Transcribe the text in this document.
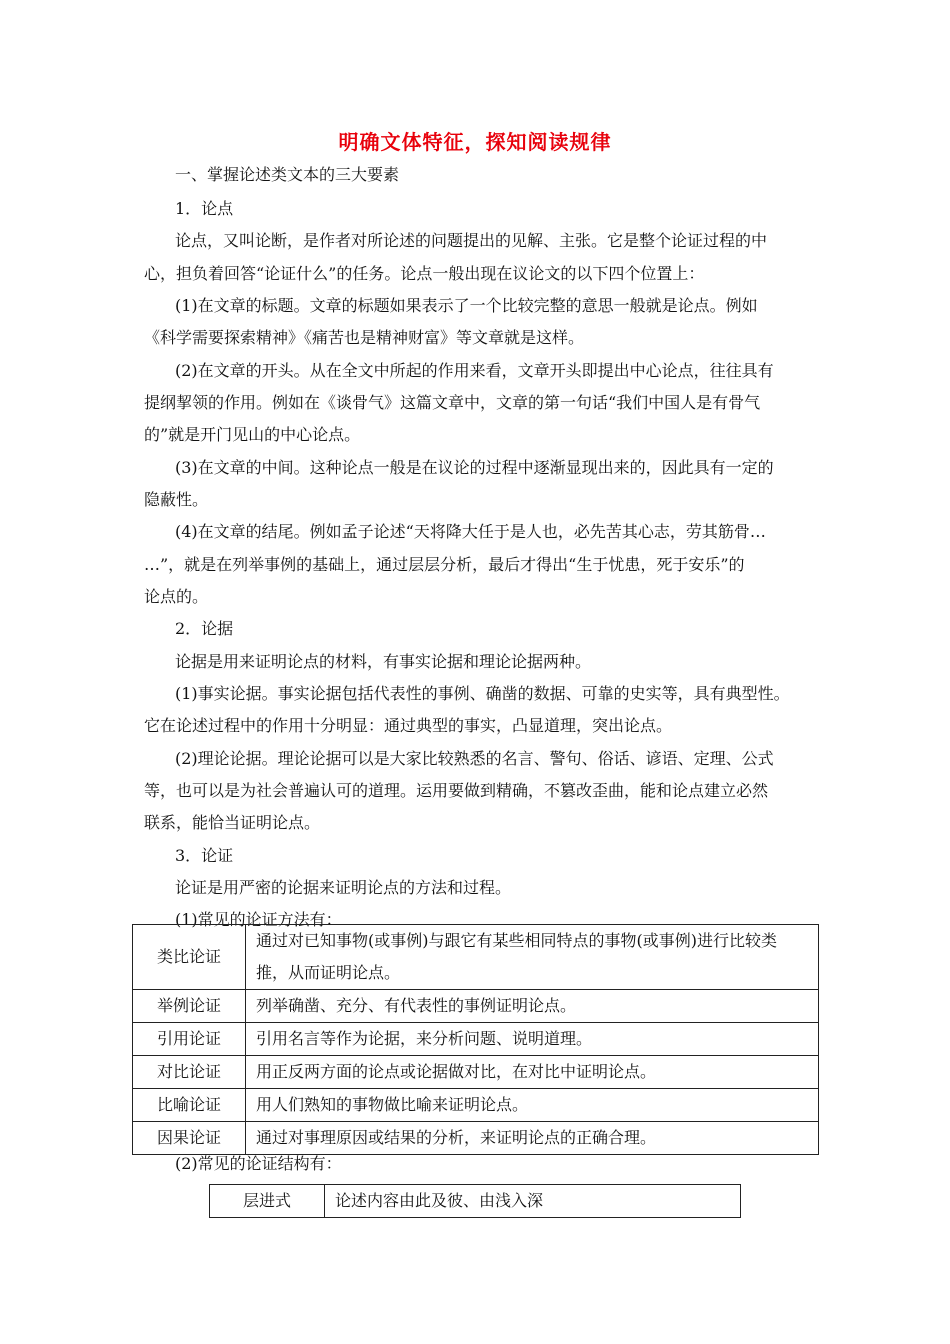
明确文体特征，探知阅读规律
一、掌握论述类文本的三大要素
1．论点
论点，又叫论断，是作者对所论述的问题提出的见解、主张。它是整个论证过程的中
心，担负着回答“论证什么”的任务。论点一般出现在议论文的以下四个位置上：
(1)在文章的标题。文章的标题如果表示了一个比较完整的意思一般就是论点。例如
《科学需要探索精神》《痛苦也是精神财富》等文章就是这样。
(2)在文章的开头。从在全文中所起的作用来看，文章开头即提出中心论点，往往具有
提纲挈领的作用。例如在《谈骨气》这篇文章中，文章的第一句话“我们中国人是有骨气
的”就是开门见山的中心论点。
(3)在文章的中间。这种论点一般是在议论的过程中逐渐显现出来的，因此具有一定的
隐蔽性。
(4)在文章的结尾。例如孟子论述“天将降大任于是人也，必先苦其心志，劳其筋骨…
…”，就是在列举事例的基础上，通过层层分析，最后才得出“生于忧患，死于安乐”的
论点的。
2．论据
论据是用来证明论点的材料，有事实论据和理论论据两种。
(1)事实论据。事实论据包括代表性的事例、确凿的数据、可靠的史实等，具有典型性。
它在论述过程中的作用十分明显：通过典型的事实，凸显道理，突出论点。
(2)理论论据。理论论据可以是大家比较熟悉的名言、警句、俗话、谚语、定理、公式
等，也可以是为社会普遍认可的道理。运用要做到精确，不篡改歪曲，能和论点建立必然
联系，能恰当证明论点。
3．论证
论证是用严密的论据来证明论点的方法和过程。
(1)常见的论证方法有：
类比论证	通过对已知事物(或事例)与跟它有某些相同特点的事物(或事例)进行比较类
推，从而证明论点。

举例论证	列举确凿、充分、有代表性的事例证明论点。
引用论证	引用名言等作为论据，来分析问题、说明道理。
对比论证	用正反两方面的论点或论据做对比，在对比中证明论点。
比喻论证	用人们熟知的事物做比喻来证明论点。
因果论证	通过对事理原因或结果的分析，来证明论点的正确合理。
(2)常见的论证结构有：
层进式	论述内容由此及彼、由浅入深
